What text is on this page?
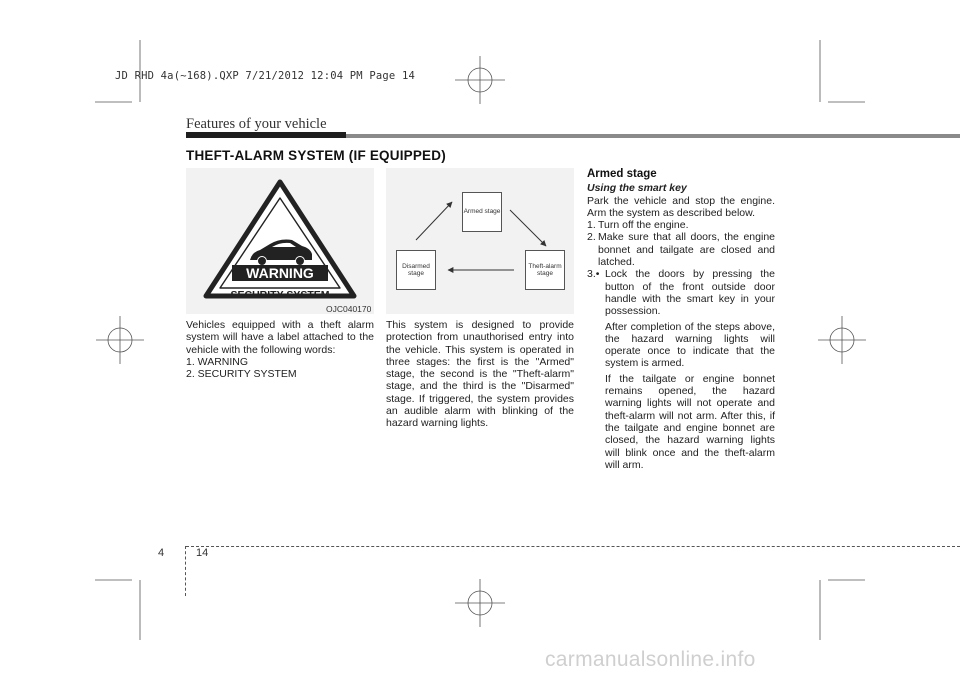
JD RHD 4a(~168).QXP 7/21/2012 12:04 PM Page 14
Features of your vehicle
THEFT-ALARM SYSTEM (IF EQUIPPED)
WARNING
SECURITY SYSTEM
OJC040170

Vehicles equipped with a theft alarm system will have a label attached to the vehicle with the following words:

1. WARNING

2. SECURITY SYSTEM

Armed stage
Disarmed stage
Theft-alarm stage

This system is designed to provide protection from unauthorised entry into the vehicle. This system is operated in three stages: the first is the "Armed" stage, the second is the "Theft-alarm" stage, and the third is the "Disarmed" stage. If triggered, the system provides an audible alarm with blinking of the hazard warning lights.

Armed stage
Using the smart key

Park the vehicle and stop the engine. Arm the system as described below.

1. Turn off the engine.
2. Make sure that all doors, the engine bonnet and tailgate are closed and latched.
3.• Lock the doors by pressing the button of the front outside door handle with the smart key in your possession.

After completion of the steps above, the hazard warning lights will operate once to indicate that the system is armed.

If the tailgate or engine bonnet remains opened, the hazard warning lights will not operate and theft-alarm will not arm. After this, if the tailgate and engine bonnet are closed, the hazard warning lights will blink once and the theft-alarm will arm.

4	14
carmanualsonline.info
